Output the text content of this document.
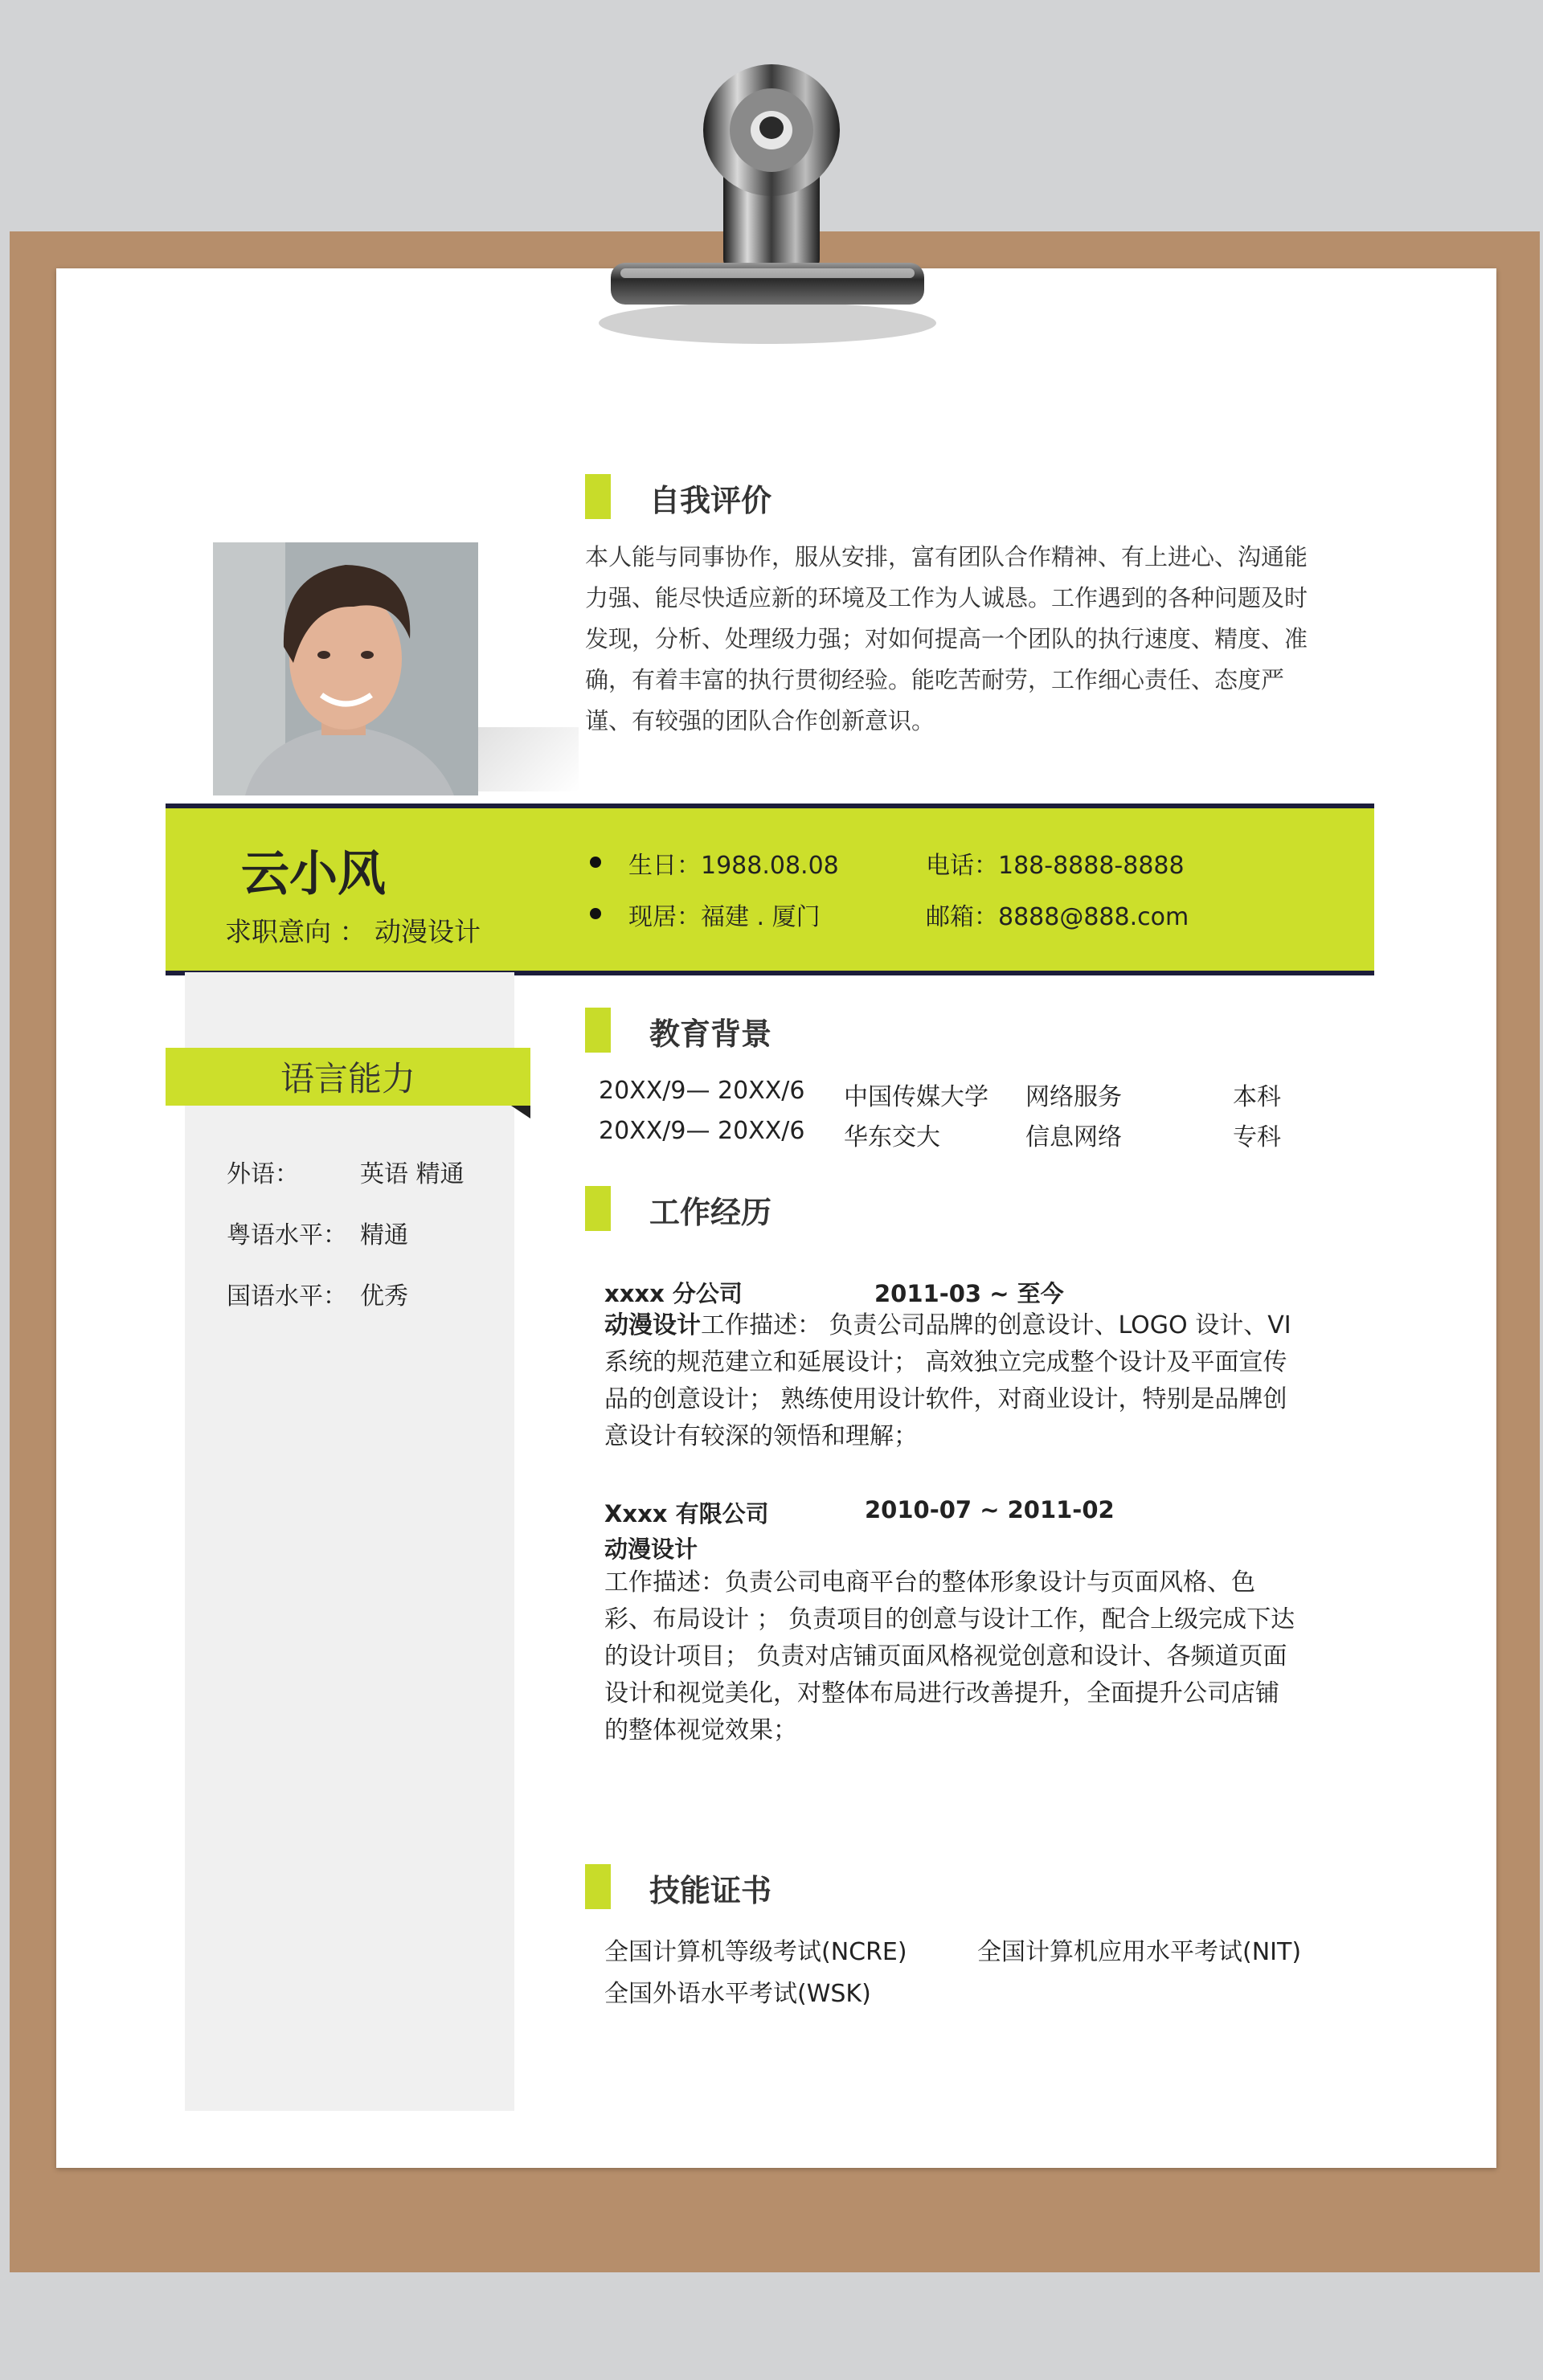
自我评价
本人能与同事协作，服从安排，富有团队合作精神、有上进心、沟通能力强、能尽快适应新的环境及工作为人诚恳。工作遇到的各种问题及时发现，分析、处理级力强；对如何提高一个团队的执行速度、精度、准确，有着丰富的执行贯彻经验。能吃苦耐劳，工作细心责任、态度严谨、有较强的团队合作创新意识。
云小风
求职意向 ： 动漫设计
生日：1988.08.08	电话：188-8888-8888
现居：福建 . 厦门	邮箱：8888@888.com
语言能力
外语：	英语 精通
粤语水平： 精通
国语水平： 优秀
教育背景
20XX/9— 20XX/6 中国传媒大学 网络服务	本科
20XX/9— 20XX/6 华东交大	信息网络	专科
工作经历
xxxx 分公司	2011-03 ~ 至今
动漫设计工作描述： 负责公司品牌的创意设计、LOGO 设计、VI系统的规范建立和延展设计； 高效独立完成整个设计及平面宣传品的创意设计； 熟练使用设计软件，对商业设计，特别是品牌创意设计有较深的领悟和理解；
Xxxx 有限公司	2010-07 ~ 2011-02
动漫设计
工作描述：负责公司电商平台的整体形象设计与页面风格、色彩、布局设计 ； 负责项目的创意与设计工作，配合上级完成下达的设计项目； 负责对店铺页面风格视觉创意和设计、各频道页面设计和视觉美化，对整体布局进行改善提升，全面提升公司店铺的整体视觉效果；
技能证书
全国计算机等级考试(NCRE)	全国计算机应用水平考试(NIT)
全国外语水平考试(WSK)
